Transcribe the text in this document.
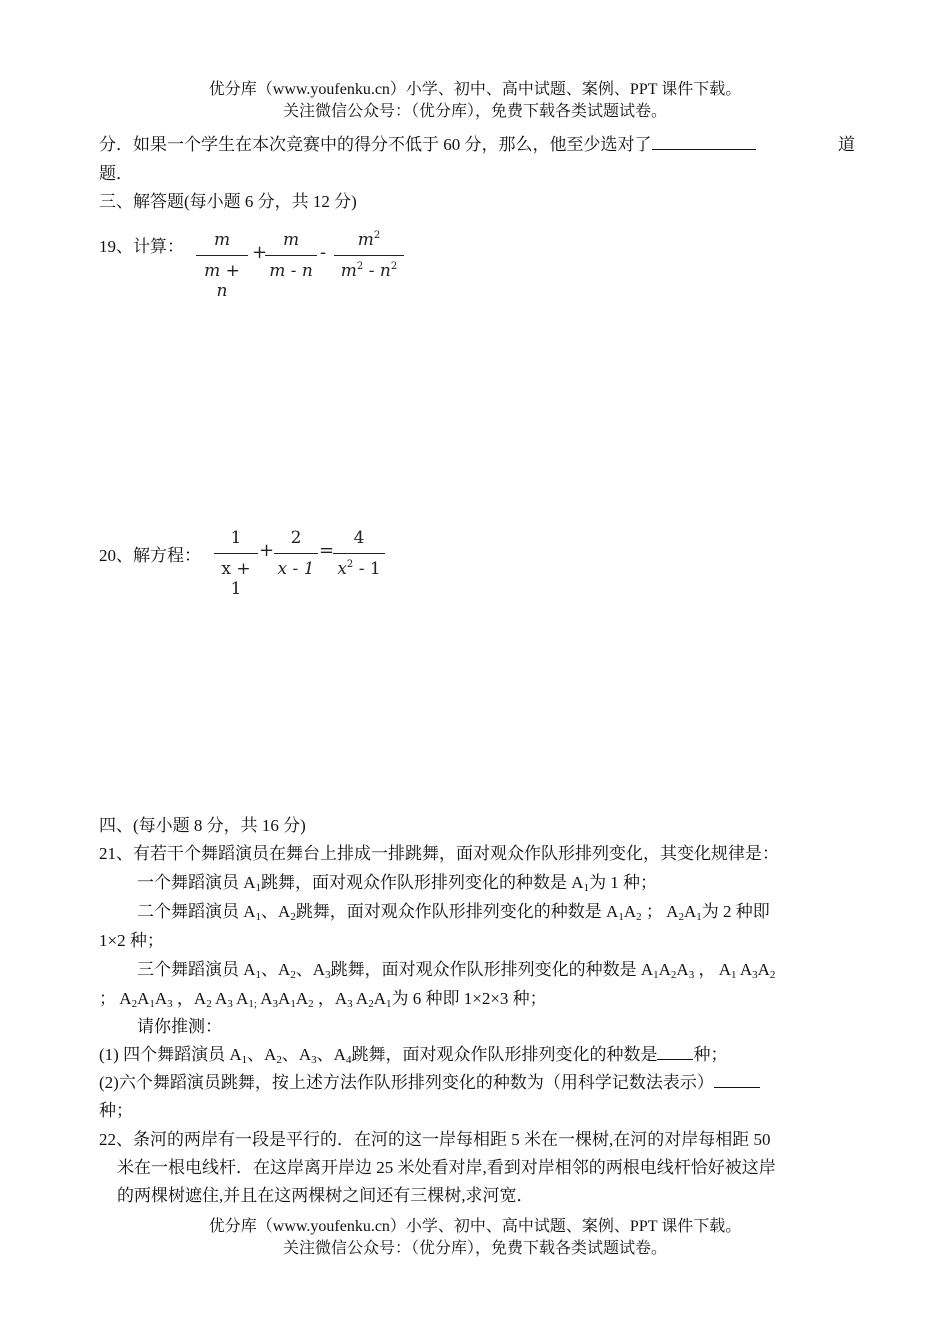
优分库（www.youfenku.cn）小学、初中、高中试题、案例、PPT 课件下载。
关注微信公众号：（优分库），免费下载各类试题试卷。
分．如果一个学生在本次竞赛中的得分不低于 60 分，那么，他至少选对了	道
题．
三、解答题(每小题 6 分，共 12 分)
19、计算：	m
m + n
+
m
m - n
-
$m^2$
$m^2 - n^2$
20、解方程：
1
x + 1
+
2
x - 1
=
4
$x^2 - 1$
四、(每小题 8 分，共 16 分)
21、有若干个舞蹈演员在舞台上排成一排跳舞，面对观众作队形排列变化，其变化规律是：
一个舞蹈演员 $A_1$跳舞，面对观众作队形排列变化的种数是 $A_1$为 1 种；
二个舞蹈演员 $A_1$、$A_2$跳舞，面对观众作队形排列变化的种数是 $A_1A_2$ ； $A_2A_1$为 2 种即
1×2 种；
三个舞蹈演员 $A_1$、$A_2$、$A_3$跳舞，面对观众作队形排列变化的种数是 $A_1A_2A_3$ ， $A_1$ $A_3A_2$
； $A_2A_1A_3$ ，$A_2$ $A_3$ $A_{1;}$ $A_3A_1A_2$ ，$A_3$ $A_2A_1$为 6 种即 1×2×3 种；
请你推测：
(1) 四个舞蹈演员 $A_1$、$A_2$、$A_3$、$A_4$跳舞，面对观众作队形排列变化的种数是 种；
(2)六个舞蹈演员跳舞，按上述方法作队形排列变化的种数为（用科学记数法表示）
种；
22、条河的两岸有一段是平行的．在河的这一岸每相距 5 米在一棵树,在河的对岸每相距 50
米在一根电线杆．在这岸离开岸边 25 米处看对岸,看到对岸相邻的两根电线杆恰好被这岸
的两棵树遮住,并且在这两棵树之间还有三棵树,求河宽．
优分库（www.youfenku.cn）小学、初中、高中试题、案例、PPT 课件下载。
关注微信公众号：（优分库），免费下载各类试题试卷。
